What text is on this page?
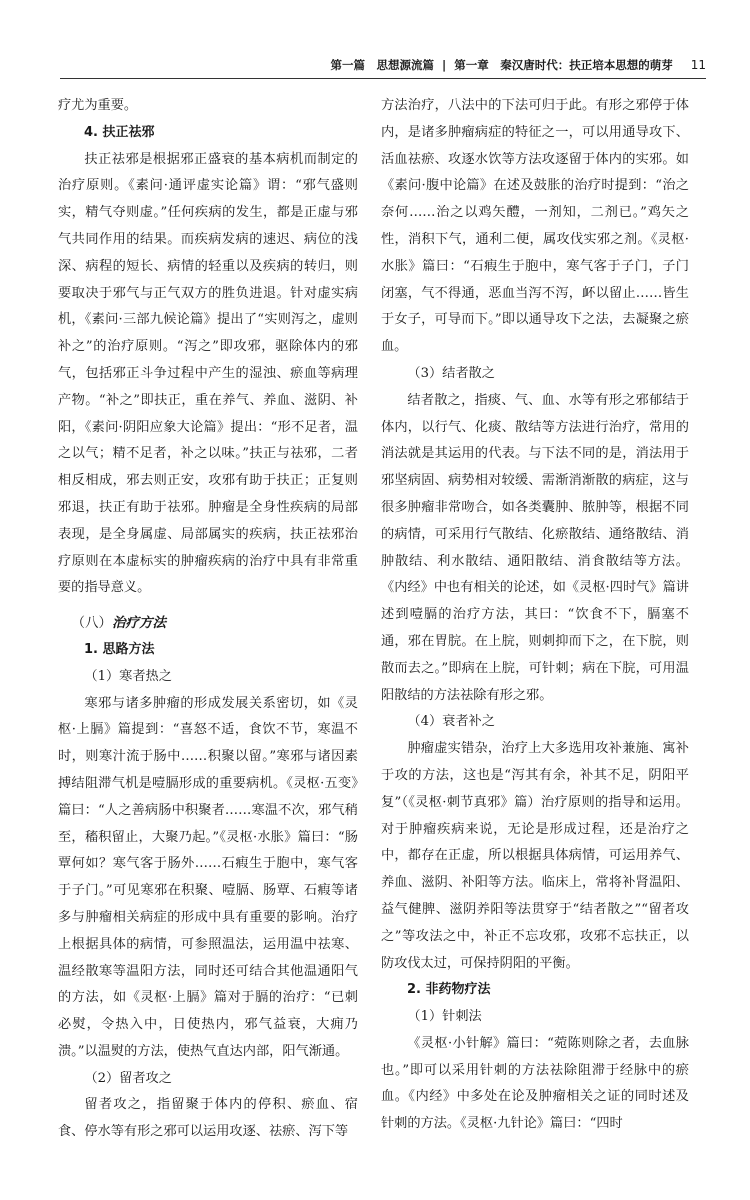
第一篇　思想源流篇 | 第一章　秦汉唐时代：扶正培本思想的萌芽 11
疗尤为重要。
4. 扶正祛邪
扶正祛邪是根据邪正盛衰的基本病机而制定的治疗原则。《素问·通评虚实论篇》谓：“邪气盛则实，精气夺则虚。”任何疾病的发生，都是正虚与邪气共同作用的结果。而疾病发病的速迟、病位的浅深、病程的短长、病情的轻重以及疾病的转归，则要取决于邪气与正气双方的胜负进退。针对虚实病机，《素问·三部九候论篇》提出了“实则泻之，虚则补之”的治疗原则。“泻之”即攻邪，驱除体内的邪气，包括邪正斗争过程中产生的湿浊、瘀血等病理产物。“补之”即扶正，重在养气、养血、滋阴、补阳，《素问·阴阳应象大论篇》提出：“形不足者，温之以气；精不足者，补之以味。”扶正与祛邪，二者相反相成，邪去则正安，攻邪有助于扶正；正复则邪退，扶正有助于祛邪。肿瘤是全身性疾病的局部表现，是全身属虚、局部属实的疾病，扶正祛邪治疗原则在本虚标实的肿瘤疾病的治疗中具有非常重要的指导意义。
（八）治疗方法
1. 思路方法
（1）寒者热之
寒邪与诸多肿瘤的形成发展关系密切，如《灵枢·上膈》篇提到：“喜怒不适，食饮不节，寒温不时，则寒汁流于肠中……积聚以留。”寒邪与诸因素搏结阻滞气机是噎膈形成的重要病机。《灵枢·五变》篇曰：“人之善病肠中积聚者……寒温不次，邪气稍至，稸积留止，大聚乃起。”《灵枢·水胀》篇曰：“肠覃何如？寒气客于肠外……石瘕生于胞中，寒气客于子门。”可见寒邪在积聚、噎膈、肠覃、石瘕等诸多与肿瘤相关病症的形成中具有重要的影响。治疗上根据具体的病情，可参照温法，运用温中祛寒、温经散寒等温阳方法，同时还可结合其他温通阳气的方法，如《灵枢·上膈》篇对于膈的治疗：“已刺必熨，令热入中，日使热内，邪气益衰，大痈乃溃。”以温熨的方法，使热气直达内部，阳气渐通。
（2）留者攻之
留者攻之，指留聚于体内的停积、瘀血、宿食、停水等有形之邪可以运用攻逐、祛瘀、泻下等
方法治疗，八法中的下法可归于此。有形之邪停于体内，是诸多肿瘤病症的特征之一，可以用通导攻下、活血祛瘀、攻逐水饮等方法攻逐留于体内的实邪。如《素问·腹中论篇》在述及鼓胀的治疗时提到：“治之奈何……治之以鸡矢醴，一剂知，二剂已。”鸡矢之性，消积下气，通利二便，属攻伐实邪之剂。《灵枢·水胀》篇曰：“石瘕生于胞中，寒气客于子门，子门闭塞，气不得通，恶血当泻不泻，衃以留止……皆生于女子，可导而下。”即以通导攻下之法，去凝聚之瘀血。
（3）结者散之
结者散之，指痰、气、血、水等有形之邪郁结于体内，以行气、化痰、散结等方法进行治疗，常用的消法就是其运用的代表。与下法不同的是，消法用于邪坚病固、病势相对较缓、需渐消渐散的病症，这与很多肿瘤非常吻合，如各类囊肿、脓肿等，根据不同的病情，可采用行气散结、化瘀散结、通络散结、消肿散结、利水散结、通阳散结、消食散结等方法。《内经》中也有相关的论述，如《灵枢·四时气》篇讲述到噎膈的治疗方法，其曰：“饮食不下，膈塞不通，邪在胃脘。在上脘，则刺抑而下之，在下脘，则散而去之。”即病在上脘，可针刺；病在下脘，可用温阳散结的方法祛除有形之邪。
（4）衰者补之
肿瘤虚实错杂，治疗上大多选用攻补兼施、寓补于攻的方法，这也是“泻其有余，补其不足，阴阳平复”（《灵枢·刺节真邪》篇）治疗原则的指导和运用。对于肿瘤疾病来说，无论是形成过程，还是治疗之中，都存在正虚，所以根据具体病情，可运用养气、养血、滋阴、补阳等方法。临床上，常将补肾温阳、益气健脾、滋阴养阳等法贯穿于“结者散之”“留者攻之”等攻法之中，补正不忘攻邪，攻邪不忘扶正，以防攻伐太过，可保持阴阳的平衡。
2. 非药物疗法
（1）针刺法
《灵枢·小针解》篇曰：“菀陈则除之者，去血脉也。”即可以采用针刺的方法祛除阻滞于经脉中的瘀血。《内经》中多处在论及肿瘤相关之证的同时述及针刺的方法。《灵枢·九针论》篇曰：“四时
